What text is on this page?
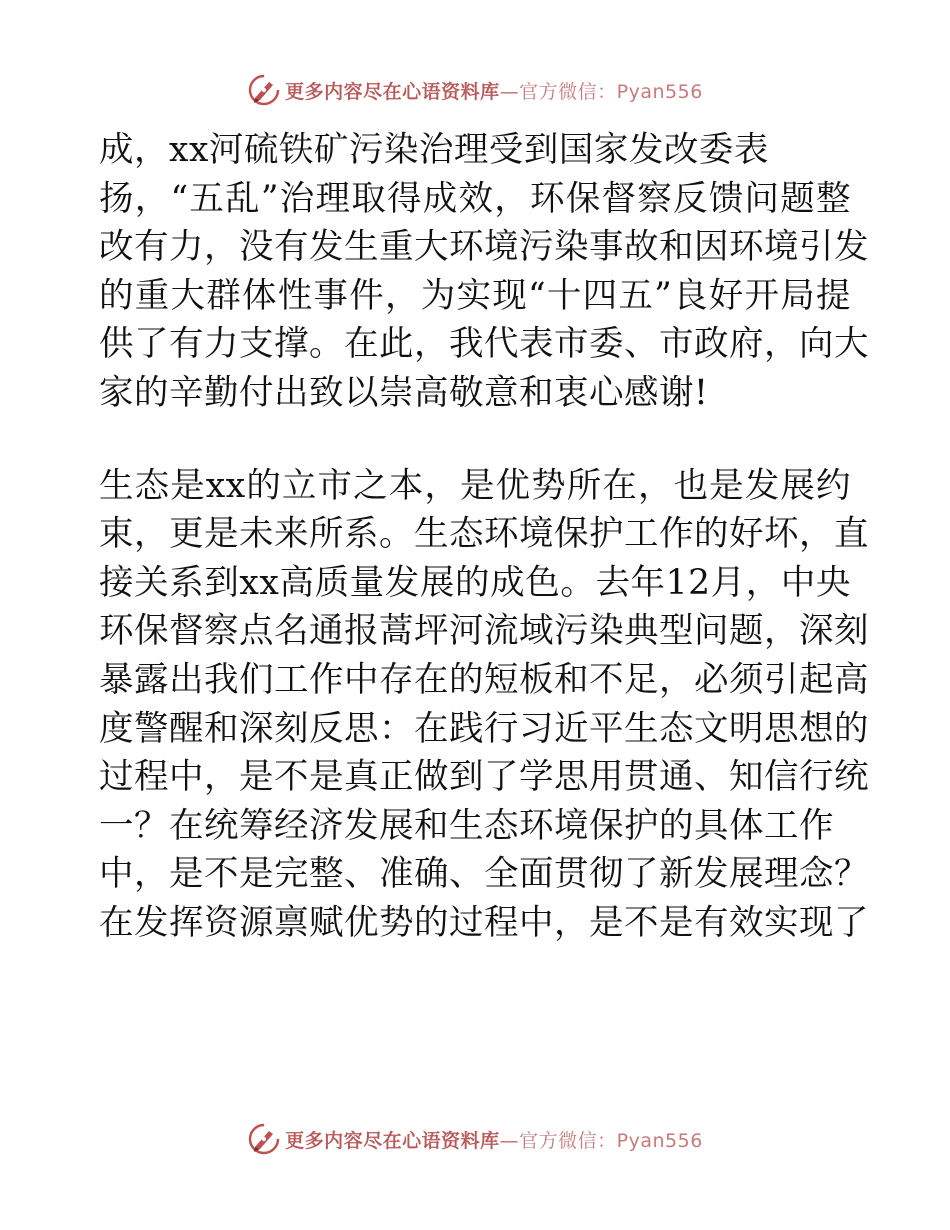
更多内容尽在心语资料库—官方微信：Pyan556
成，xx河硫铁矿污染治理受到国家发改委表
扬，“五乱”治理取得成效，环保督察反馈问题整
改有力，没有发生重大环境污染事故和因环境引发
的重大群体性事件，为实现“十四五”良好开局提
供了有力支撑。在此，我代表市委、市政府，向大
家的辛勤付出致以崇高敬意和衷心感谢!
生态是xx的立市之本，是优势所在，也是发展约
束，更是未来所系。生态环境保护工作的好坏，直
接关系到xx高质量发展的成色。去年12月，中央
环保督察点名通报蒿坪河流域污染典型问题，深刻
暴露出我们工作中存在的短板和不足，必须引起高
度警醒和深刻反思：在践行习近平生态文明思想的
过程中，是不是真正做到了学思用贯通、知信行统
一？在统筹经济发展和生态环境保护的具体工作
中，是不是完整、准确、全面贯彻了新发展理念？
在发挥资源禀赋优势的过程中，是不是有效实现了
更多内容尽在心语资料库—官方微信：Pyan556
